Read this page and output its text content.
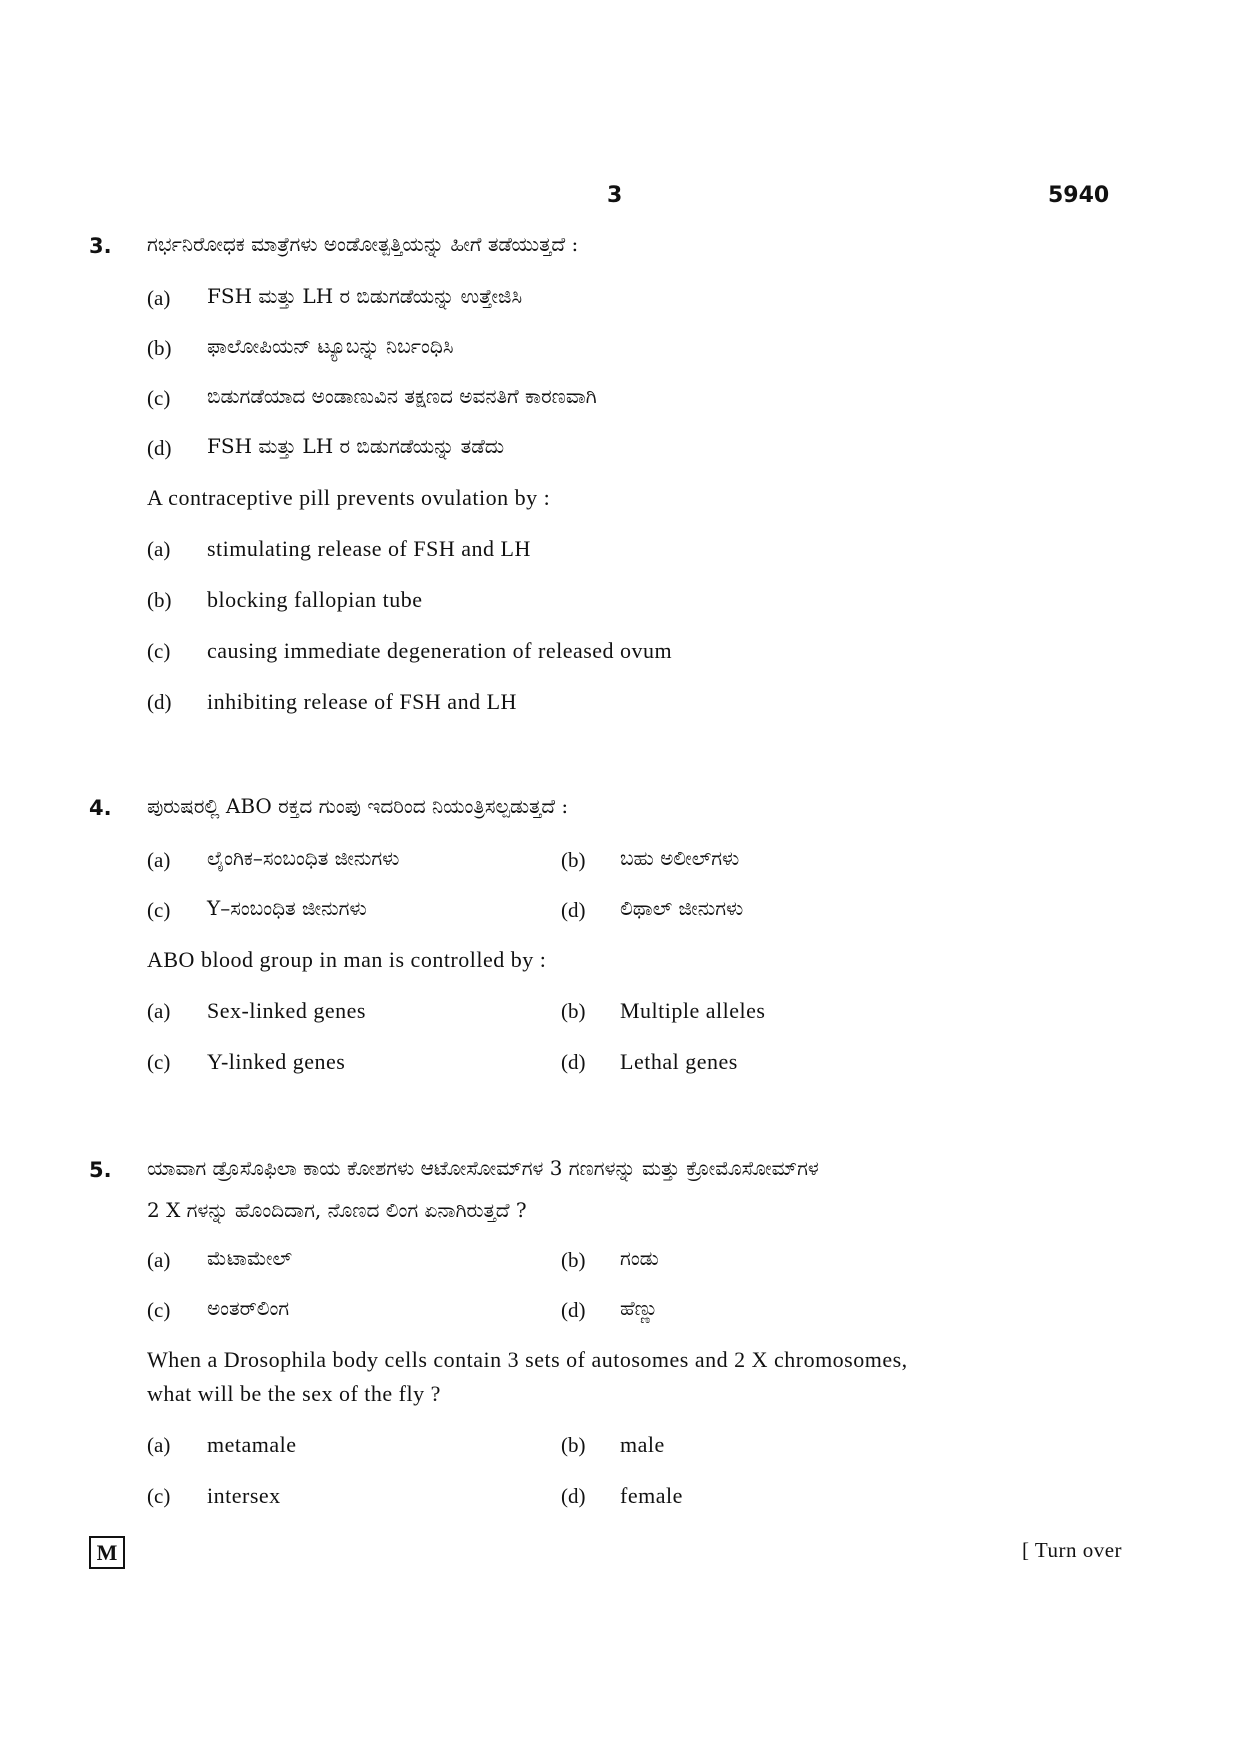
3	5940
3. ಗರ್ಭನಿರೋಧಕ ಮಾತ್ರೆಗಳು ಅಂಡೋತ್ಪತ್ತಿಯನ್ನು ಹೀಗೆ ತಡೆಯುತ್ತದೆ :
(a) FSH ಮತ್ತು LH ರ ಬಿಡುಗಡೆಯನ್ನು ಉತ್ತೇಜಿಸಿ
(b) ಫಾಲೋಪಿಯನ್ ಟ್ಯೂಬನ್ನು ನಿರ್ಬಂಧಿಸಿ
(c) ಬಿಡುಗಡೆಯಾದ ಅಂಡಾಣುವಿನ ತಕ್ಷಣದ ಅವನತಿಗೆ ಕಾರಣವಾಗಿ
(d) FSH ಮತ್ತು LH ರ ಬಿಡುಗಡೆಯನ್ನು ತಡೆದು
A contraceptive pill prevents ovulation by :
(a) stimulating release of FSH and LH
(b) blocking fallopian tube
(c) causing immediate degeneration of released ovum
(d) inhibiting release of FSH and LH
4. ಪುರುಷರಲ್ಲಿ ABO ರಕ್ತದ ಗುಂಪು ಇದರಿಂದ ನಿಯಂತ್ರಿಸಲ್ಪಡುತ್ತದೆ :
(a) ಲೈಂಗಿಕ–ಸಂಬಂಧಿತ ಜೀನುಗಳು	(b) ಬಹು ಅಲೀಲ್‌ಗಳು
(c) Y–ಸಂಬಂಧಿತ ಜೀನುಗಳು	(d) ಲಿಥಾಲ್ ಜೀನುಗಳು
ABO blood group in man is controlled by :
(a) Sex-linked genes	(b) Multiple alleles
(c) Y-linked genes	(d) Lethal genes
5. ಯಾವಾಗ ಡ್ರೊಸೊಫಿಲಾ ಕಾಯ ಕೋಶಗಳು ಆಟೋಸೋಮ್‌ಗಳ 3 ಗಣಗಳನ್ನು ಮತ್ತು ಕ್ರೋಮೊಸೋಮ್‌ಗಳ
2 X ಗಳನ್ನು ಹೊಂದಿದಾಗ, ನೊಣದ ಲಿಂಗ ಏನಾಗಿರುತ್ತದೆ ?
(a) ಮೆಟಾಮೇಲ್	(b) ಗಂಡು
(c) ಅಂತರ್‌ಲಿಂಗ	(d) ಹೆಣ್ಣು
When a Drosophila body cells contain 3 sets of autosomes and 2 X chromosomes,
what will be the sex of the fly ?
(a) metamale	(b) male
(c) intersex	(d) female
M	[ Turn over
